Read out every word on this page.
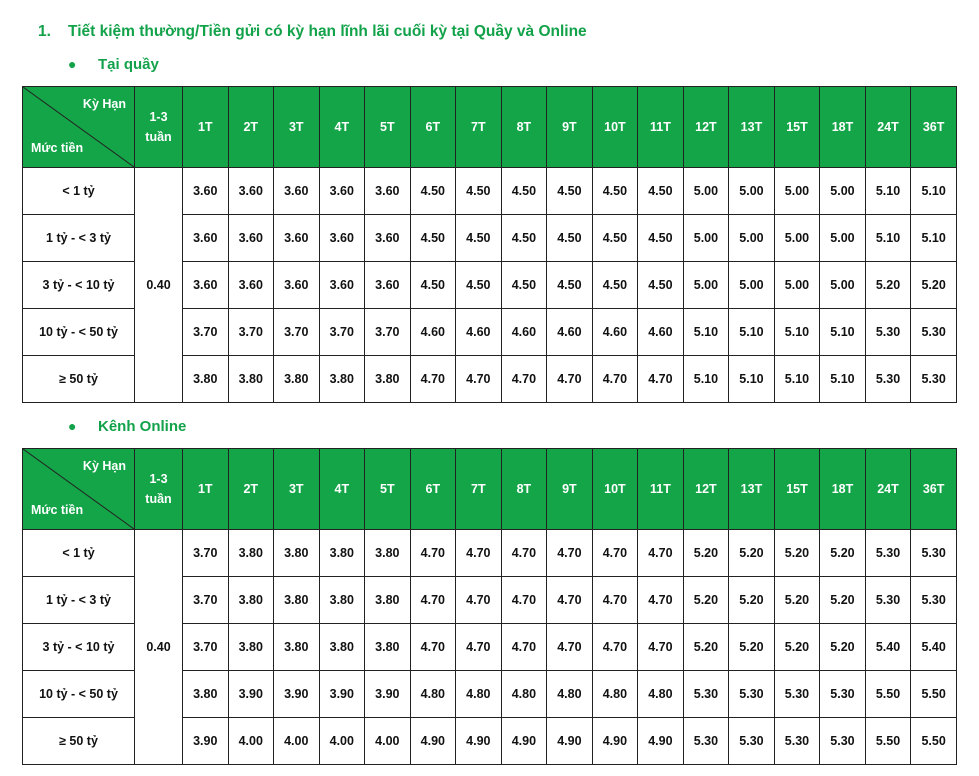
1. Tiết kiệm thường/Tiền gửi có kỳ hạn lĩnh lãi cuối kỳ tại Quầy và Online
● Tại quầy
Kỳ Hạn
Mức tiền	1-3 tuần	1T	2T	3T	4T	5T	6T	7T	8T	9T	10T	11T	12T	13T	15T	18T	24T	36T
< 1 tỷ	0.40	3.60	3.60	3.60	3.60	3.60	4.50	4.50	4.50	4.50	4.50	4.50	5.00	5.00	5.00	5.00	5.10	5.10
1 tỷ - < 3 tỷ		3.60	3.60	3.60	3.60	3.60	4.50	4.50	4.50	4.50	4.50	4.50	5.00	5.00	5.00	5.00	5.10	5.10
3 tỷ - < 10 tỷ		3.60	3.60	3.60	3.60	3.60	4.50	4.50	4.50	4.50	4.50	4.50	5.00	5.00	5.00	5.00	5.20	5.20
10 tỷ - < 50 tỷ		3.70	3.70	3.70	3.70	3.70	4.60	4.60	4.60	4.60	4.60	4.60	5.10	5.10	5.10	5.10	5.30	5.30
≥ 50 tỷ		3.80	3.80	3.80	3.80	3.80	4.70	4.70	4.70	4.70	4.70	4.70	5.10	5.10	5.10	5.10	5.30	5.30
● Kênh Online
Kỳ Hạn
Mức tiền	1-3 tuần	1T	2T	3T	4T	5T	6T	7T	8T	9T	10T	11T	12T	13T	15T	18T	24T	36T
< 1 tỷ	0.40	3.70	3.80	3.80	3.80	3.80	4.70	4.70	4.70	4.70	4.70	4.70	5.20	5.20	5.20	5.20	5.30	5.30
1 tỷ - < 3 tỷ		3.70	3.80	3.80	3.80	3.80	4.70	4.70	4.70	4.70	4.70	4.70	5.20	5.20	5.20	5.20	5.30	5.30
3 tỷ - < 10 tỷ		3.70	3.80	3.80	3.80	3.80	4.70	4.70	4.70	4.70	4.70	4.70	5.20	5.20	5.20	5.20	5.40	5.40
10 tỷ - < 50 tỷ		3.80	3.90	3.90	3.90	3.90	4.80	4.80	4.80	4.80	4.80	4.80	5.30	5.30	5.30	5.30	5.50	5.50
≥ 50 tỷ		3.90	4.00	4.00	4.00	4.00	4.90	4.90	4.90	4.90	4.90	4.90	5.30	5.30	5.30	5.30	5.50	5.50
